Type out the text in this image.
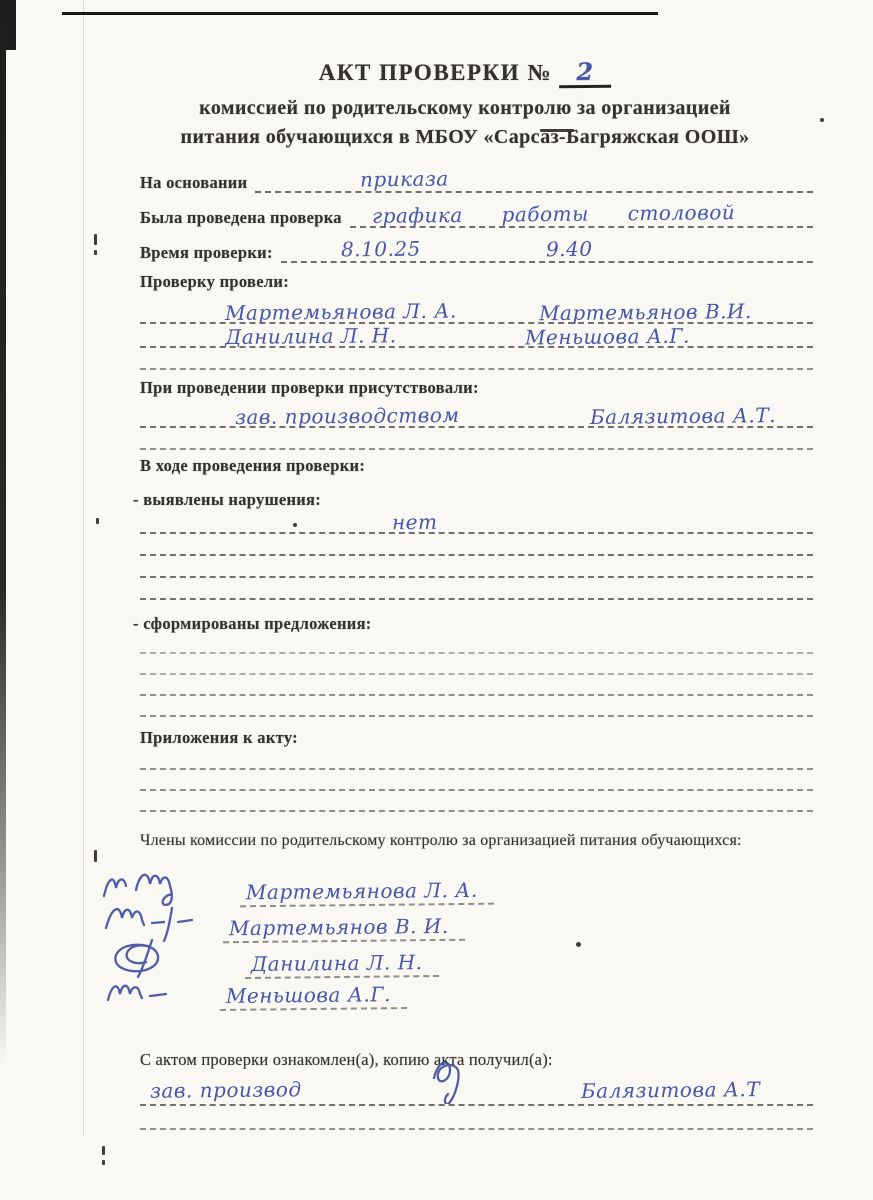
АКТ ПРОВЕРКИ № 2
комиссией по родительскому контролю за организацией
питания обучающихся в МБОУ «Сарсаз-Багряжская ООШ»
На основании	приказа
Была проведена проверка графика работы столовой
Время проверки:	8.10.25	9.40
Проверку провели:
Мартемьянова Л. А.	Мартемьянов В.И.
Данилина Л. Н.	Меньшова А.Г.
При проведении проверки присутствовали:
зав. производством	Балязитова А.Т.
В ходе проведения проверки:
- выявлены нарушения:
нет
- сформированы предложения:
Приложения к акту:
Члены комиссии по родительскому контролю за организацией питания обучающихся:
Мартемьянова Л. А.
Мартемьянов В. И.
Данилина Л. Н.
Меньшова А.Г.
С актом проверки ознакомлен(а), копию акта получил(а):
зав. производ	Балязитова А.Т
